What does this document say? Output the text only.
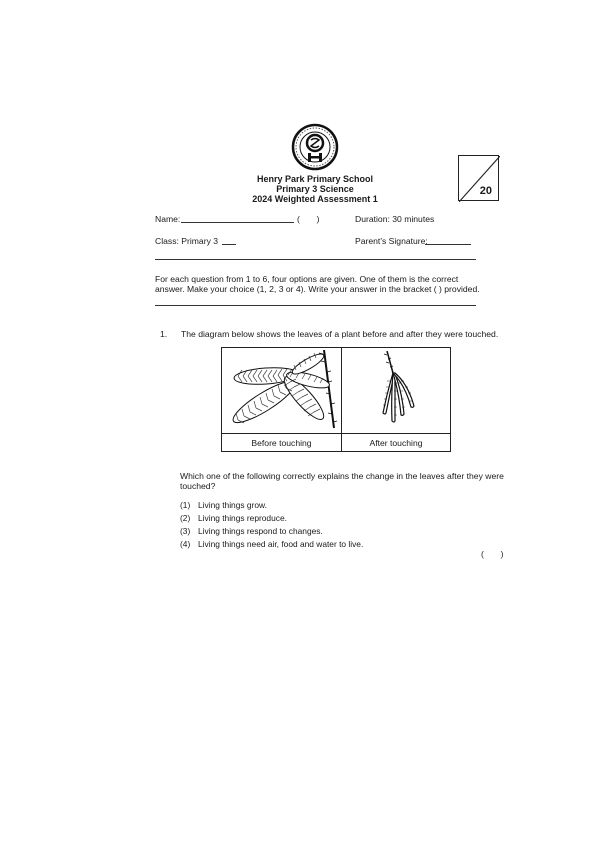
Henry Park Primary School
Primary 3 Science
2024 Weighted Assessment 1
20
Name:	(       )	Duration: 30 minutes
Class: Primary 3	Parent's Signature:
For each question from 1 to 6, four options are given. One of them is the correct
answer. Make your choice (1, 2, 3 or 4). Write your answer in the bracket ( ) provided.
1. The diagram below shows the leaves of a plant before and after they were touched.
Before touching	After touching
Which one of the following correctly explains the change in the leaves after they were
touched?
(1) Living things grow.
(2) Living things reproduce.
(3) Living things respond to changes.
(4) Living things need air, food and water to live.
(       )
